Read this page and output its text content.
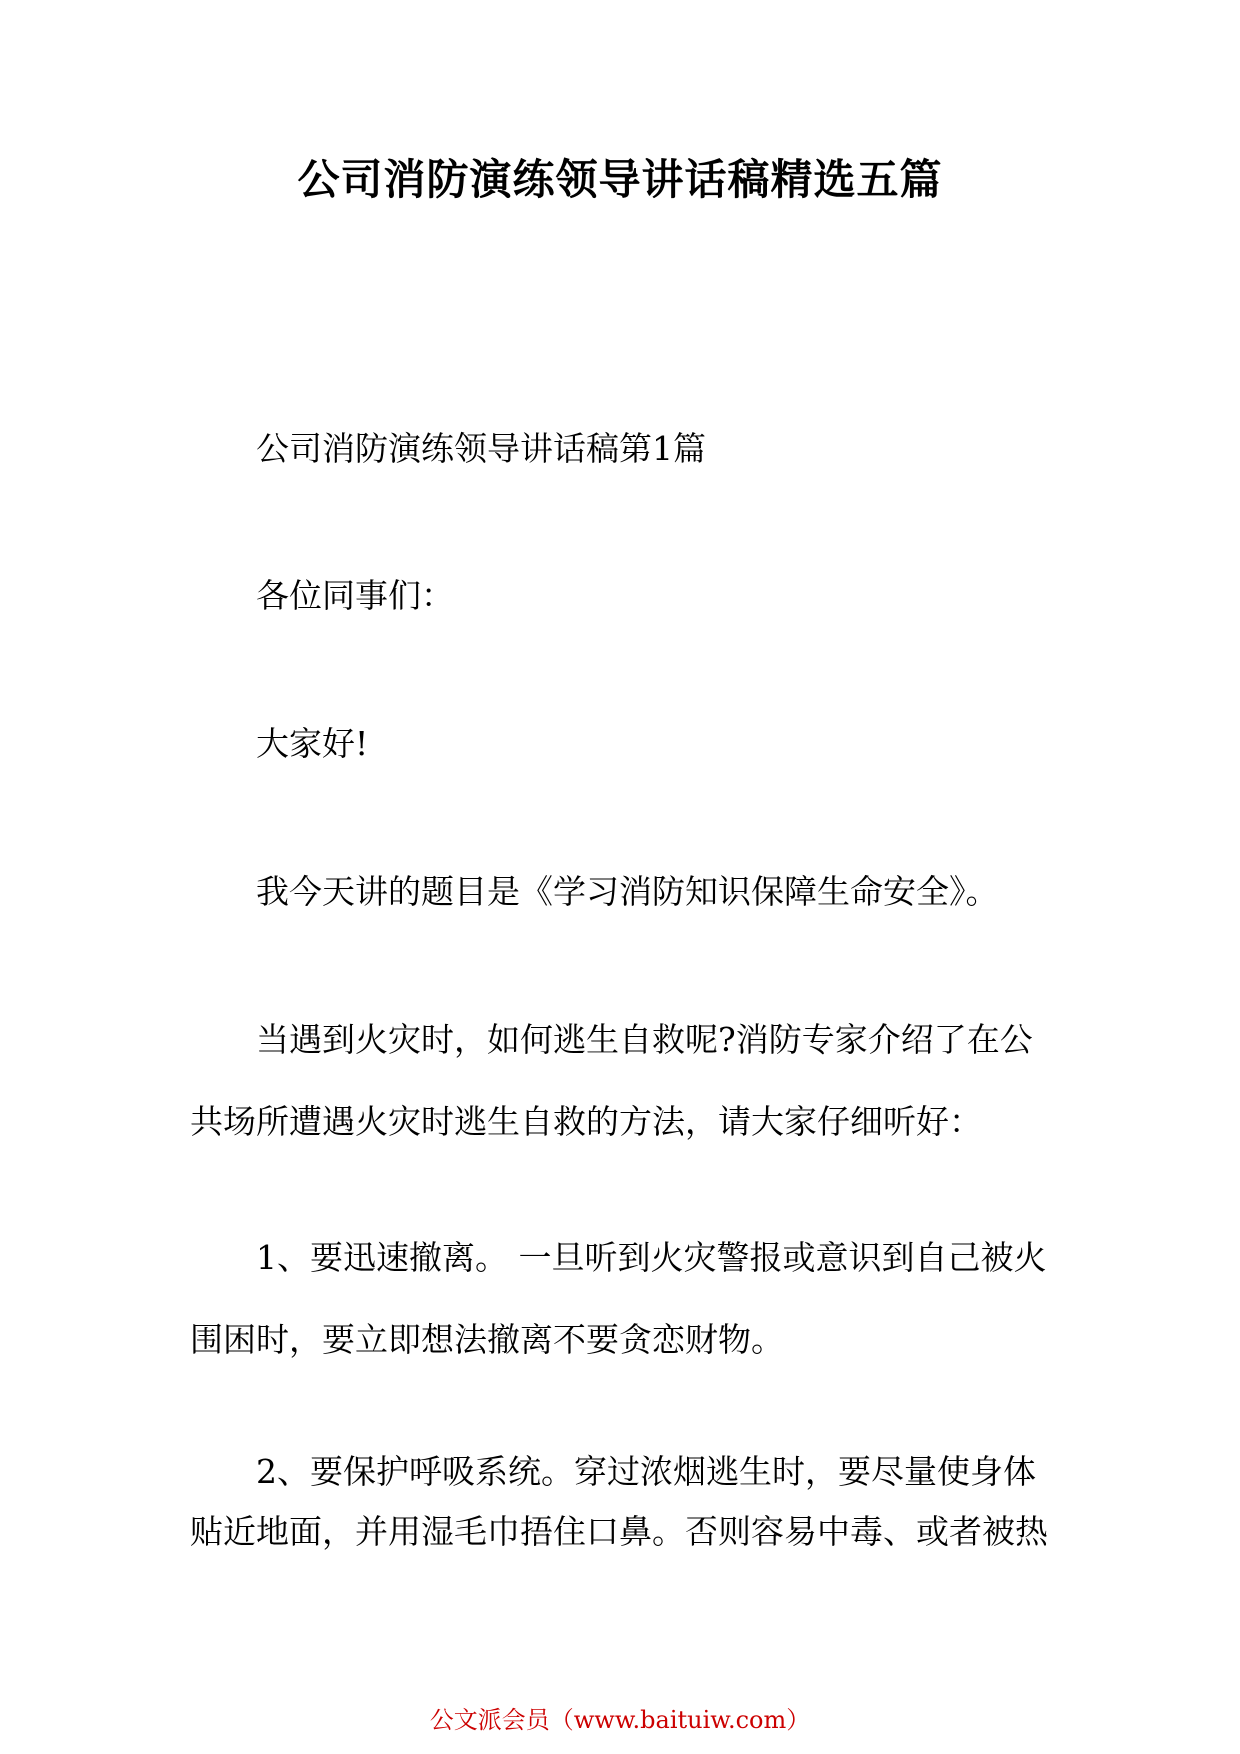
公司消防演练领导讲话稿精选五篇

公司消防演练领导讲话稿第1篇

各位同事们：

大家好!

我今天讲的题目是《学习消防知识保障生命安全》。

当遇到火灾时，如何逃生自救呢?消防专家介绍了在公共场所遭遇火灾时逃生自救的方法，请大家仔细听好：

1、要迅速撤离。 一旦听到火灾警报或意识到自己被火围困时，要立即想法撤离不要贪恋财物。

2、要保护呼吸系统。穿过浓烟逃生时，要尽量使身体贴近地面，并用湿毛巾捂住口鼻。否则容易中毒、或者被热

公文派会员（www.baituiw.com）
